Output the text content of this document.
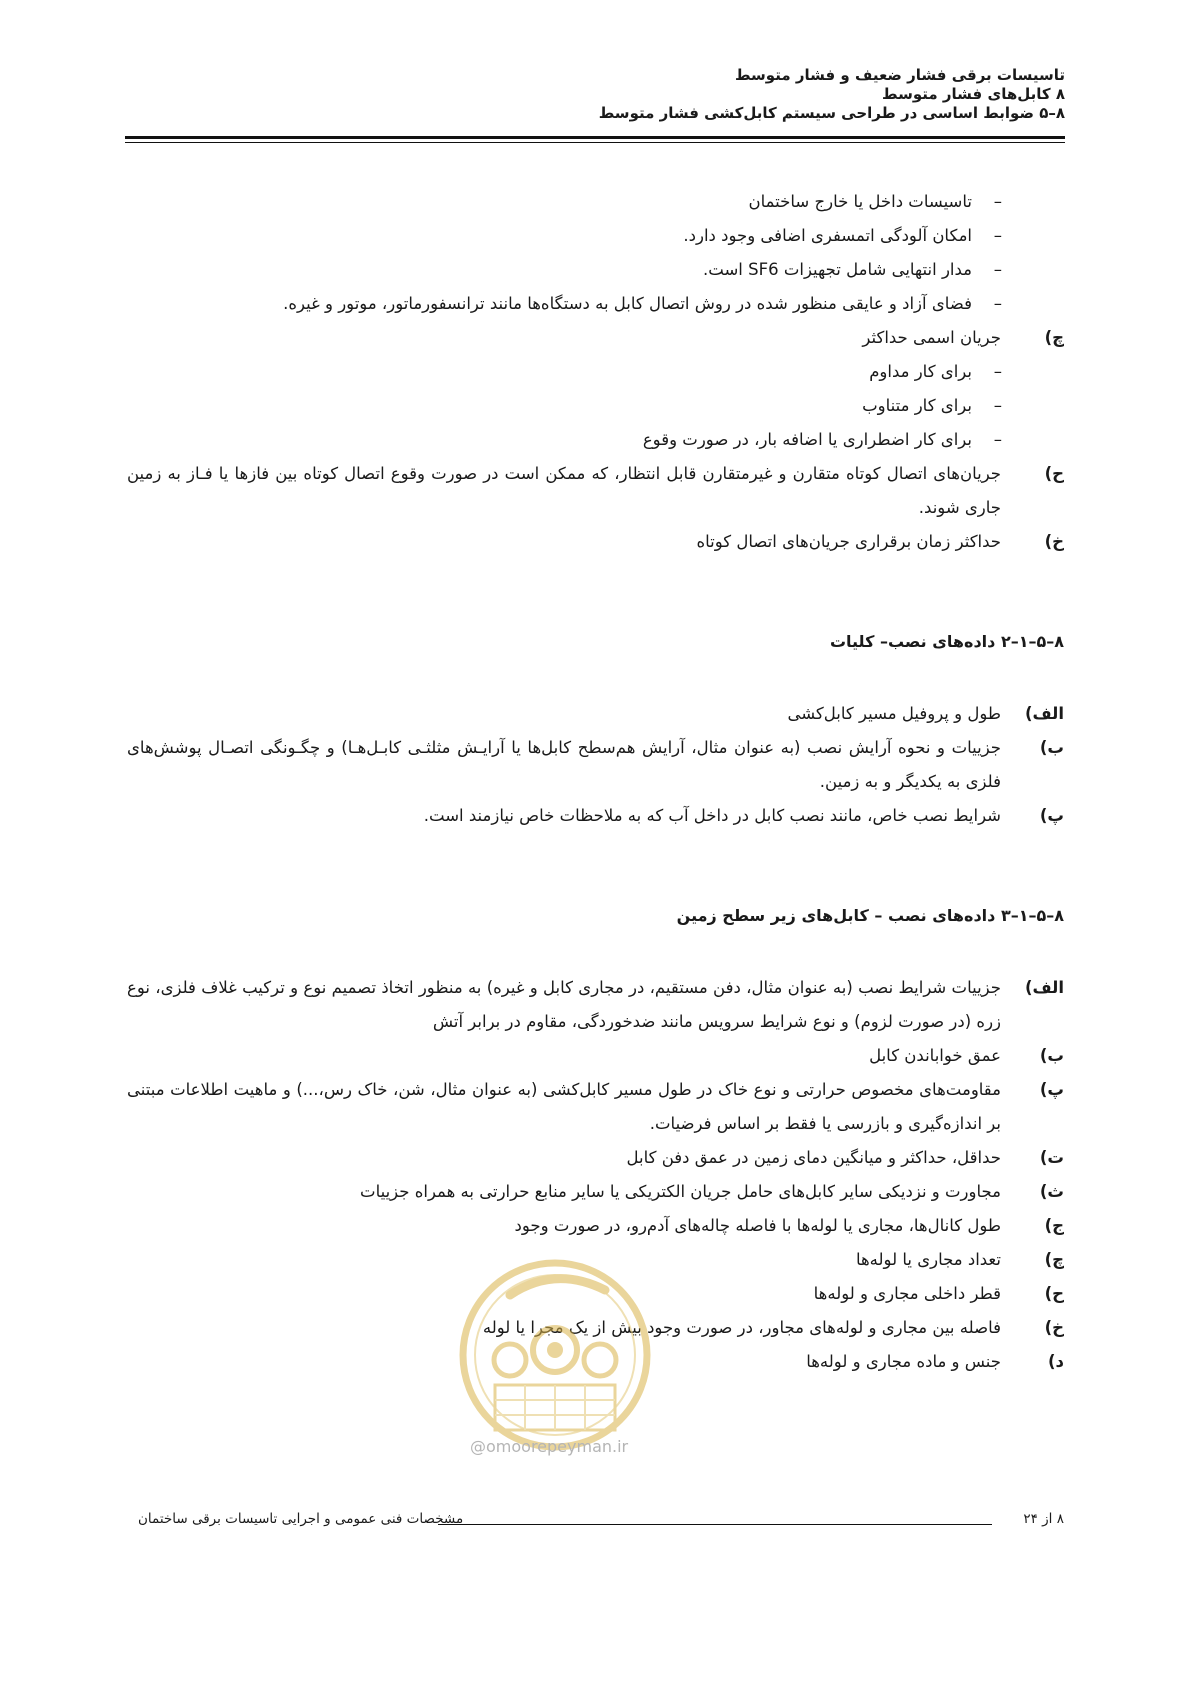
تاسیسات برقی فشار ضعیف و فشار متوسط
۸ کابل‌های فشار متوسط
۸–۵ ضوابط اساسی در طراحی سیستم کابل‌کشی فشار متوسط
–
تاسیسات داخل یا خارج ساختمان
–
امکان آلودگی اتمسفری اضافی وجود دارد.
–
مدار انتهایی شامل تجهیزات SF6 است.
–
فضای آزاد و عایقی منظور شده در روش اتصال کابل به دستگاه‌ها مانند ترانسفورماتور، موتور و غیره.
چ)
جریان اسمی حداکثر
–
برای کار مداوم
–
برای کار متناوب
–
برای کار اضطراری یا اضافه بار، در صورت وقوع
ح)
جریان‌های اتصال کوتاه متقارن و غیرمتقارن قابل انتظار، که ممکن است در صورت وقوع اتصال کوتاه بین فازها یا فـاز به زمین جاری شوند.
خ)
حداکثر زمان برقراری جریان‌های اتصال کوتاه
۸–۵–۱–۲ داده‌های نصب– کلیات
الف)
طول و پروفیل مسیر کابل‌کشی
ب)
جزییات و نحوه آرایش نصب (به عنوان مثال، آرایش هم‌سطح کابل‌ها یا آرایـش مثلثـی کابـل‌هـا) و چگـونگی اتصـال پوشش‌های فلزی به یکدیگر و به زمین.
پ)
شرایط نصب خاص، مانند نصب کابل در داخل آب که به ملاحظات خاص نیازمند است.
۸–۵–۱–۳ داده‌های نصب – کابل‌های زیر سطح زمین
الف)
جزییات شرایط نصب (به عنوان مثال، دفن مستقیم، در مجاری کابل و غیره) به منظور اتخاذ تصمیم نوع و ترکیب غلاف فلزی، نوع زره (در صورت لزوم) و نوع شرایط سرویس مانند ضدخوردگی، مقاوم در برابر آتش
ب)
عمق خواباندن کابل
پ)
مقاومت‌های مخصوص حرارتی و نوع خاک در طول مسیر کابل‌کشی (به عنوان مثال، شن، خاک رس،...) و ماهیت اطلاعات مبتنی بر اندازه‌گیری و بازرسی یا فقط بر اساس فرضیات.
ت)
حداقل، حداکثر و میانگین دمای زمین در عمق دفن کابل
ث)
مجاورت و نزدیکی سایر کابل‌های حامل جریان الکتریکی یا سایر منابع حرارتی به همراه جزییات
ج)
طول کانال‌ها، مجاری یا لوله‌ها با فاصله چاله‌های آدم‌رو، در صورت وجود
چ)
تعداد مجاری یا لوله‌ها
ح)
قطر داخلی مجاری و لوله‌ها
خ)
فاصله بین مجاری و لوله‌های مجاور، در صورت وجود بیش از یک مجرا یا لوله
د)
جنس و ماده مجاری و لوله‌ها
@omoorepeyman.ir
۸ از ۲۴
مشخصات فنی عمومی و اجرایی تاسیسات برقی ساختمان
